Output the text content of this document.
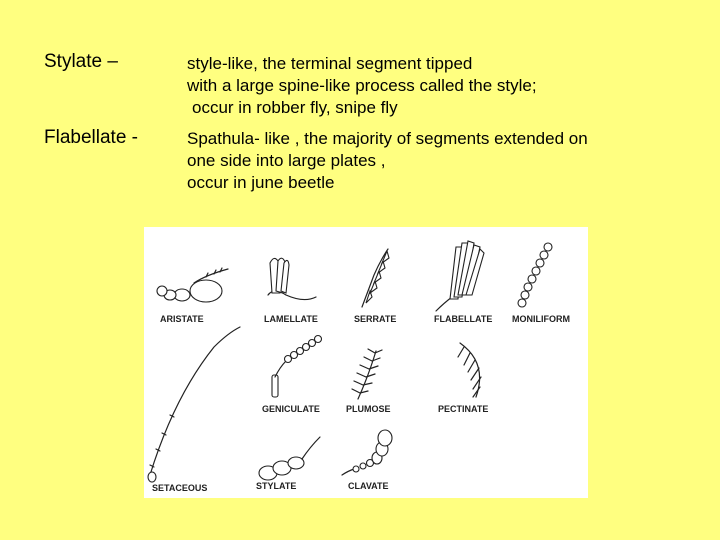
Stylate –	style-like, the terminal segment tipped
with a large spine-like process called the style;
occur in robber fly, snipe fly
Flabellate -	Spathula- like , the majority of segments extended on
one side into large plates ,
occur in june beetle
ARISTATE	LAMELLATE	SERRATE	FLABELLATE MONILIFORM
SETACEOUS
GENICULATE	PLUMOSE	PECTINATE
STYLATE	CLAVATE
